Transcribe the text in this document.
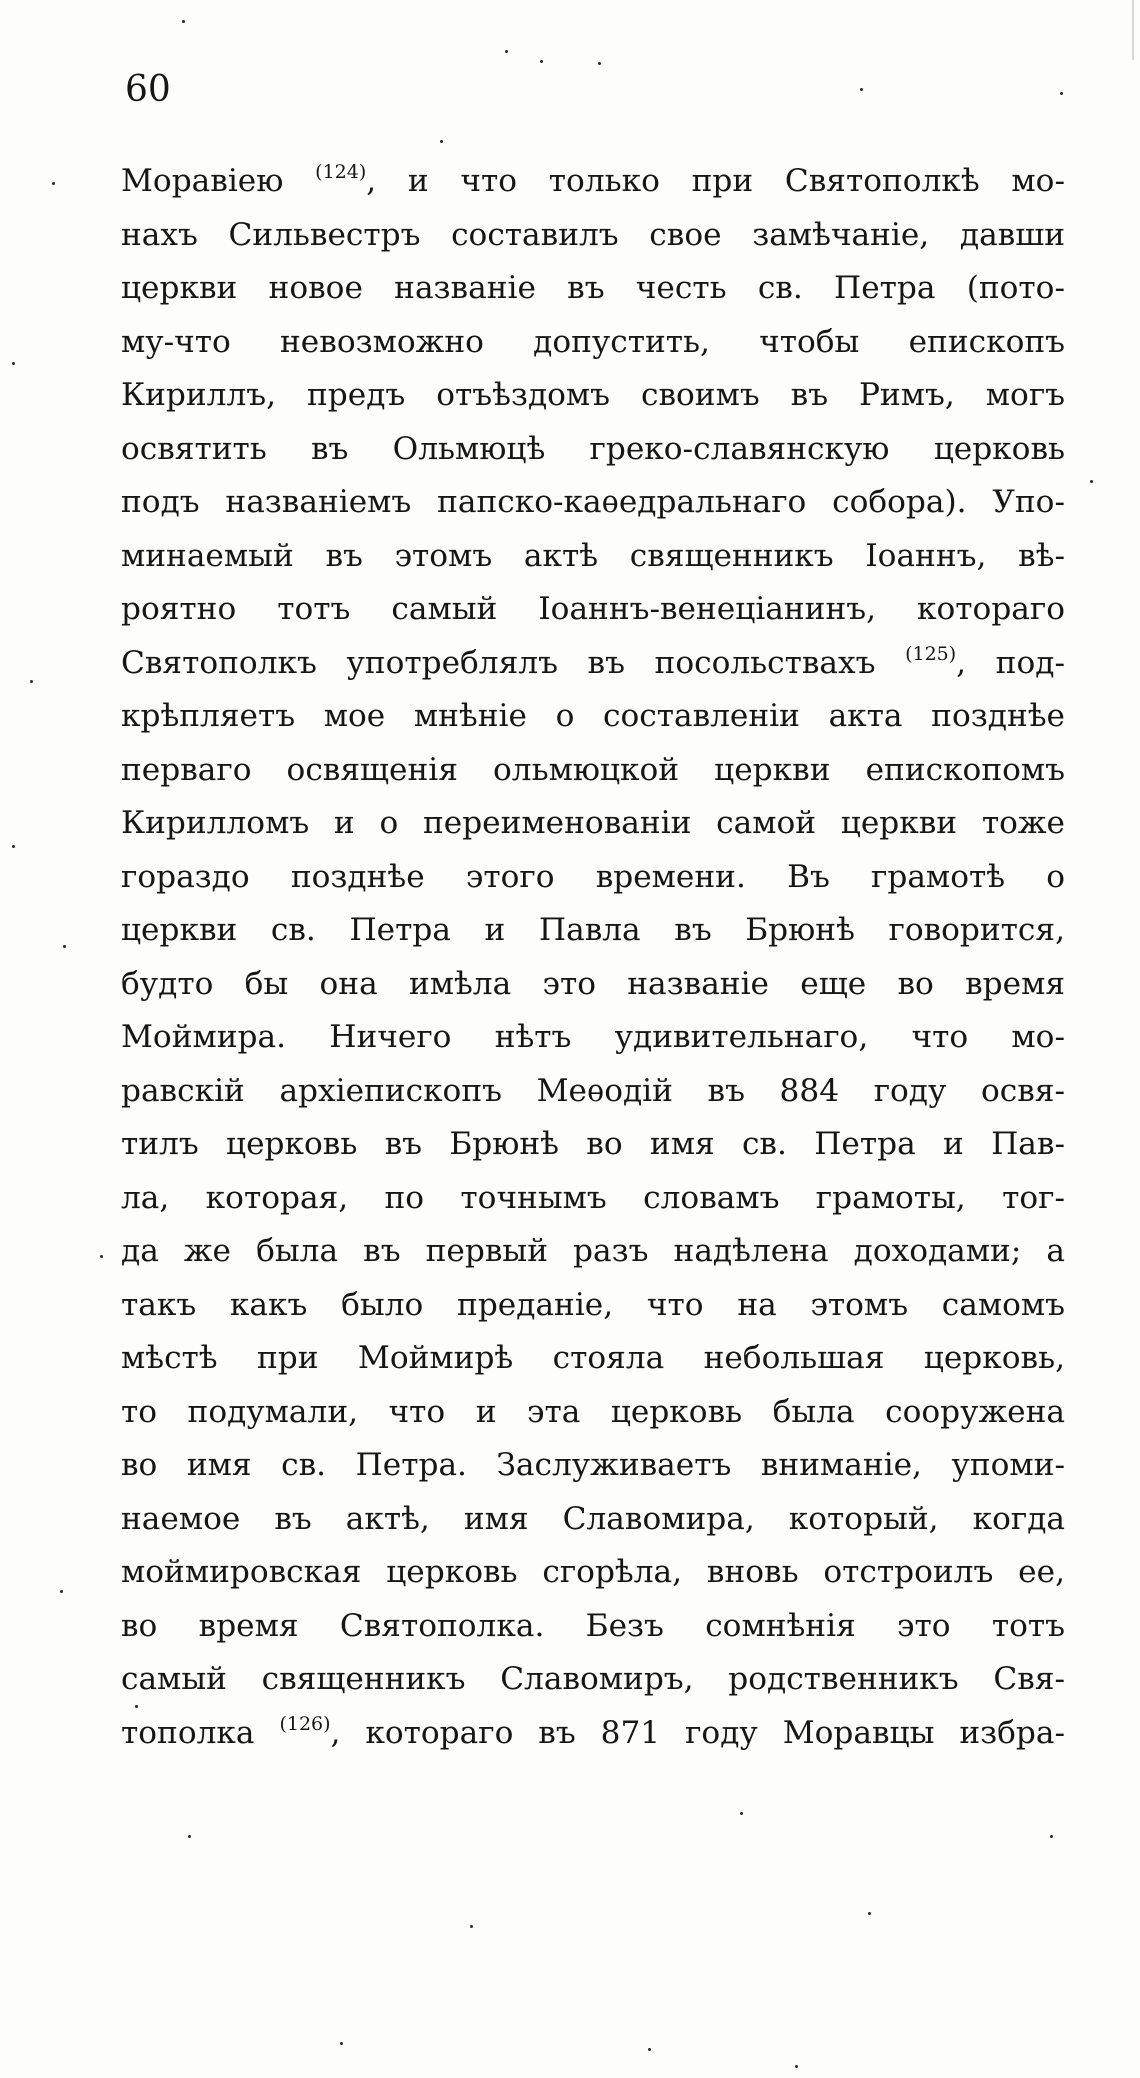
60
Моравіею $^{(124)}$, и что только при Святополкѣ мо-
нахъ Сильвестръ составилъ свое замѣчаніе, давши
церкви новое названіе въ честь св. Петра (пото-
му-что невозможно допустить, чтобы епископъ
Кириллъ, предъ отъѣздомъ своимъ въ Римъ, могъ
освятить въ Ольмюцѣ греко-славянскую церковь
подъ названіемъ папско-каѳедральнаго собора). Упо-
минаемый въ этомъ актѣ священникъ Іоаннъ, вѣ-
роятно тотъ самый Іоаннъ-венеціанинъ, котораго
Святополкъ употреблялъ въ посольствахъ $^{(125)}$, под-
крѣпляетъ мое мнѣніе о составленіи акта позднѣе
перваго освященія ольмюцкой церкви епископомъ
Кирилломъ и о переименованіи самой церкви тоже
гораздо позднѣе этого времени. Въ грамотѣ о
церкви св. Петра и Павла въ Брюнѣ говорится,
будто бы она имѣла это названіе еще во время
Моймира. Ничего нѣтъ удивительнаго, что мо-
равскій архіепископъ Меѳодій въ 884 году освя-
тилъ церковь въ Брюнѣ во имя св. Петра и Пав-
ла, которая, по точнымъ словамъ грамоты, тог-
да же была въ первый разъ надѣлена доходами; а
такъ какъ было преданіе, что на этомъ самомъ
мѣстѣ при Моймирѣ стояла небольшая церковь,
то подумали, что и эта церковь была сооружена
во имя св. Петра. Заслуживаетъ вниманіе, упоми-
наемое въ актѣ, имя Славомира, который, когда
моймировская церковь сгорѣла, вновь отстроилъ ее,
во время Святополка. Безъ сомнѣнія это тотъ
самый священникъ Славомиръ, родственникъ Свя-
тополка $^{(126)}$, котораго въ 871 году Моравцы избра-
